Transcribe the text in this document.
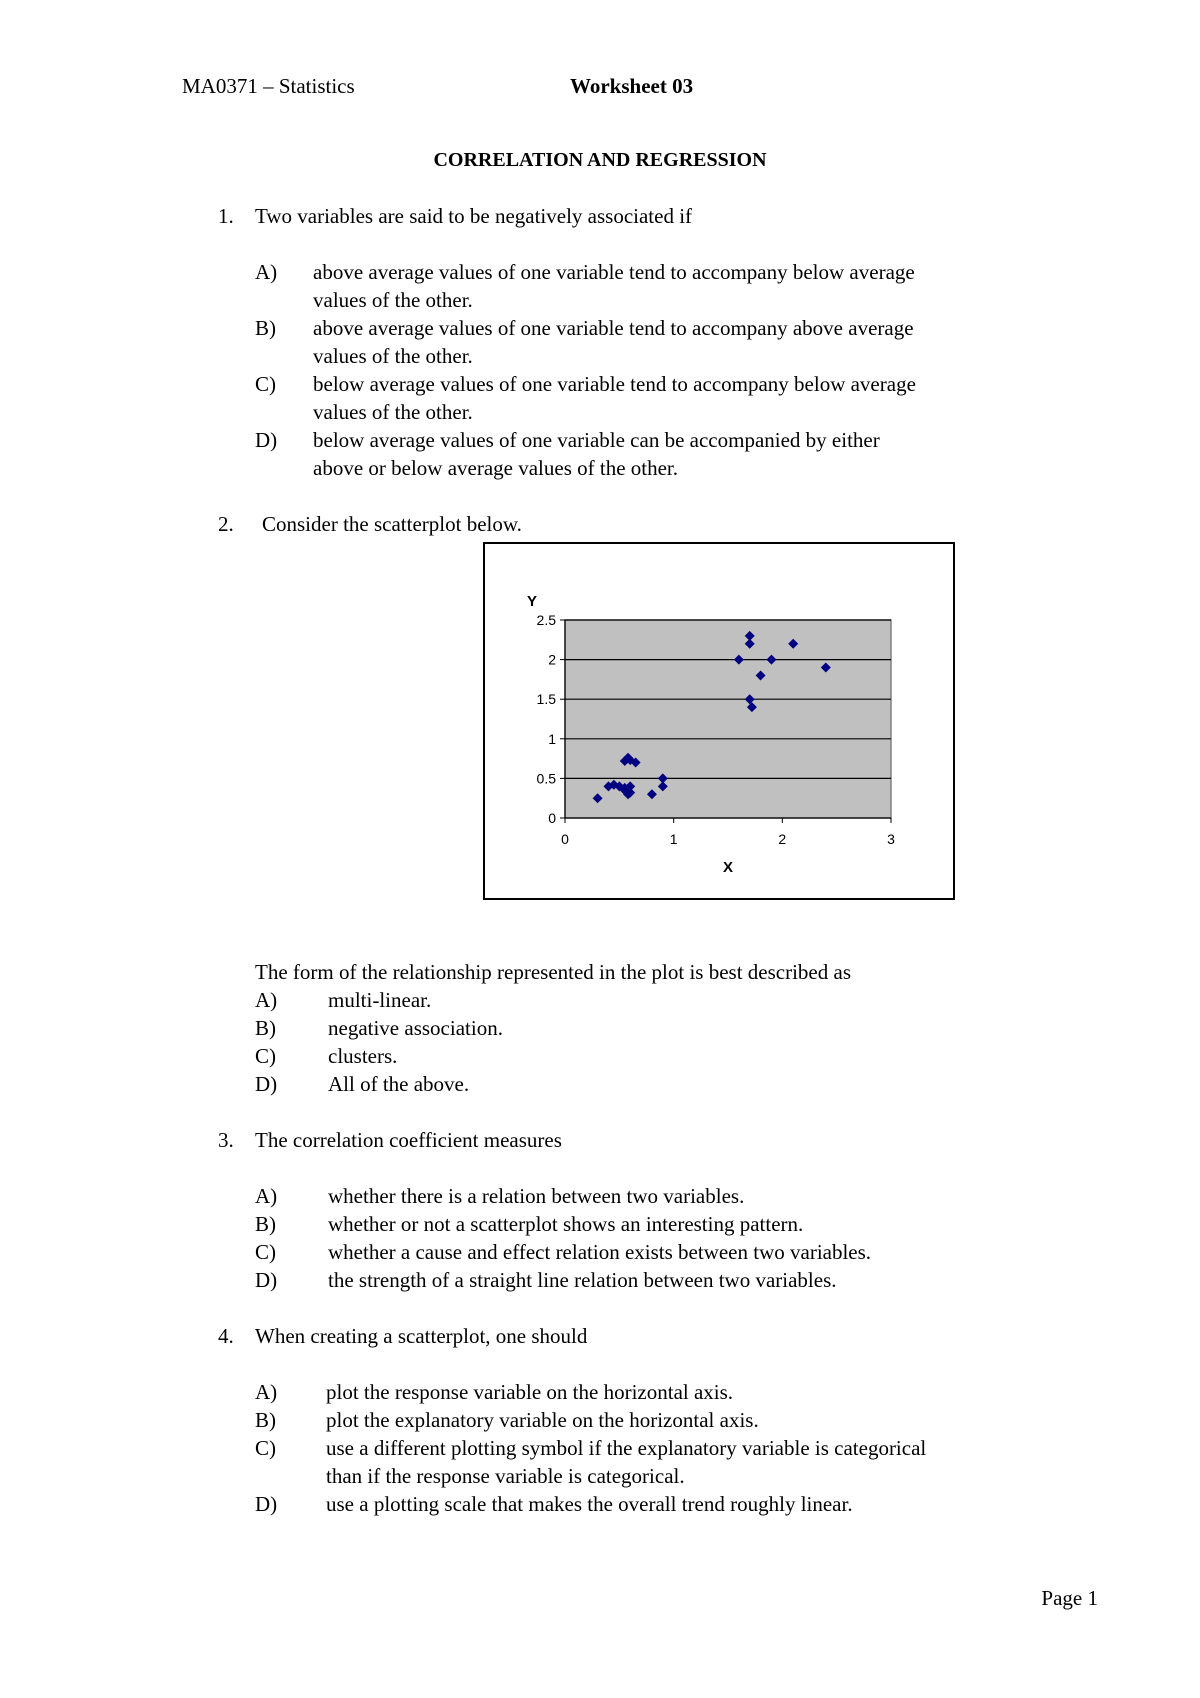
MA0371 – Statistics	Worksheet 03
CORRELATION AND REGRESSION
1. Two variables are said to be negatively associated if
A) above average values of one variable tend to accompany below average
values of the other.
B) above average values of one variable tend to accompany above average
values of the other.
C) below average values of one variable tend to accompany below average
values of the other.
D) below average values of one variable can be accompanied by either
above or below average values of the other.
2. Consider the scatterplot below.
0
0.5
1
1.5
2
2.5
0	1	2	3
Y
X
The form of the relationship represented in the plot is best described as
A) multi-linear.
B) negative association.
C) clusters.
D) All of the above.
3. The correlation coefficient measures
A) whether there is a relation between two variables.
B) whether or not a scatterplot shows an interesting pattern.
C) whether a cause and effect relation exists between two variables.
D) the strength of a straight line relation between two variables.
4. When creating a scatterplot, one should
A) plot the response variable on the horizontal axis.
B) plot the explanatory variable on the horizontal axis.
C) use a different plotting symbol if the explanatory variable is categorical
than if the response variable is categorical.
D) use a plotting scale that makes the overall trend roughly linear.
Page 1
